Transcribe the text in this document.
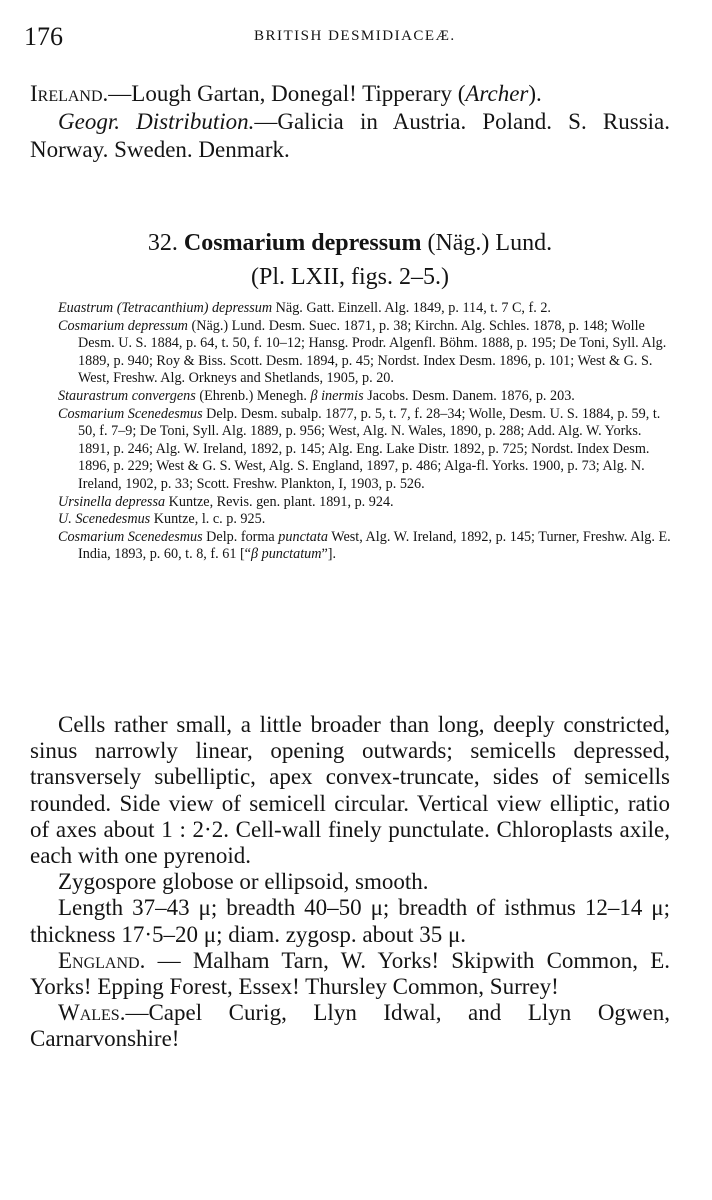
176	BRITISH DESMIDIACEÆ.

Ireland.—Lough Gartan, Donegal! Tipperary (Archer).

Geogr. Distribution.—Galicia in Austria. Poland. S. Russia. Norway. Sweden. Denmark.

32. Cosmarium depressum (Näg.) Lund.
(Pl. LXII, figs. 2–5.)

Euastrum (Tetracanthium) depressum Näg. Gatt. Einzell. Alg. 1849, p. 114, t. 7 C, f. 2.

Cosmarium depressum (Näg.) Lund. Desm. Suec. 1871, p. 38; Kirchn. Alg. Schles. 1878, p. 148; Wolle Desm. U. S. 1884, p. 64, t. 50, f. 10–12; Hansg. Prodr. Algenfl. Böhm. 1888, p. 195; De Toni, Syll. Alg. 1889, p. 940; Roy & Biss. Scott. Desm. 1894, p. 45; Nordst. Index Desm. 1896, p. 101; West & G. S. West, Freshw. Alg. Orkneys and Shetlands, 1905, p. 20.

Staurastrum convergens (Ehrenb.) Menegh. β inermis Jacobs. Desm. Danem. 1876, p. 203.

Cosmarium Scenedesmus Delp. Desm. subalp. 1877, p. 5, t. 7, f. 28–34; Wolle, Desm. U. S. 1884, p. 59, t. 50, f. 7–9; De Toni, Syll. Alg. 1889, p. 956; West, Alg. N. Wales, 1890, p. 288; Add. Alg. W. Yorks. 1891, p. 246; Alg. W. Ireland, 1892, p. 145; Alg. Eng. Lake Distr. 1892, p. 725; Nordst. Index Desm. 1896, p. 229; West & G. S. West, Alg. S. England, 1897, p. 486; Alga-fl. Yorks. 1900, p. 73; Alg. N. Ireland, 1902, p. 33; Scott. Freshw. Plankton, I, 1903, p. 526.

Ursinella depressa Kuntze, Revis. gen. plant. 1891, p. 924.

U. Scenedesmus Kuntze, l. c. p. 925.

Cosmarium Scenedesmus Delp. forma punctata West, Alg. W. Ireland, 1892, p. 145; Turner, Freshw. Alg. E. India, 1893, p. 60, t. 8, f. 61 [“β punctatum”].

Cells rather small, a little broader than long, deeply constricted, sinus narrowly linear, opening outwards; semicells depressed, transversely subelliptic, apex convex-truncate, sides of semicells rounded. Side view of semicell circular. Vertical view elliptic, ratio of axes about 1 : 2·2. Cell-wall finely punctulate. Chloroplasts axile, each with one pyrenoid.

Zygospore globose or ellipsoid, smooth.

Length 37–43 μ; breadth 40–50 μ; breadth of isthmus 12–14 μ; thickness 17·5–20 μ; diam. zygosp. about 35 μ.

England. — Malham Tarn, W. Yorks! Skipwith Common, E. Yorks! Epping Forest, Essex! Thursley Common, Surrey!

Wales.—Capel Curig, Llyn Idwal, and Llyn Ogwen, Carnarvonshire!
